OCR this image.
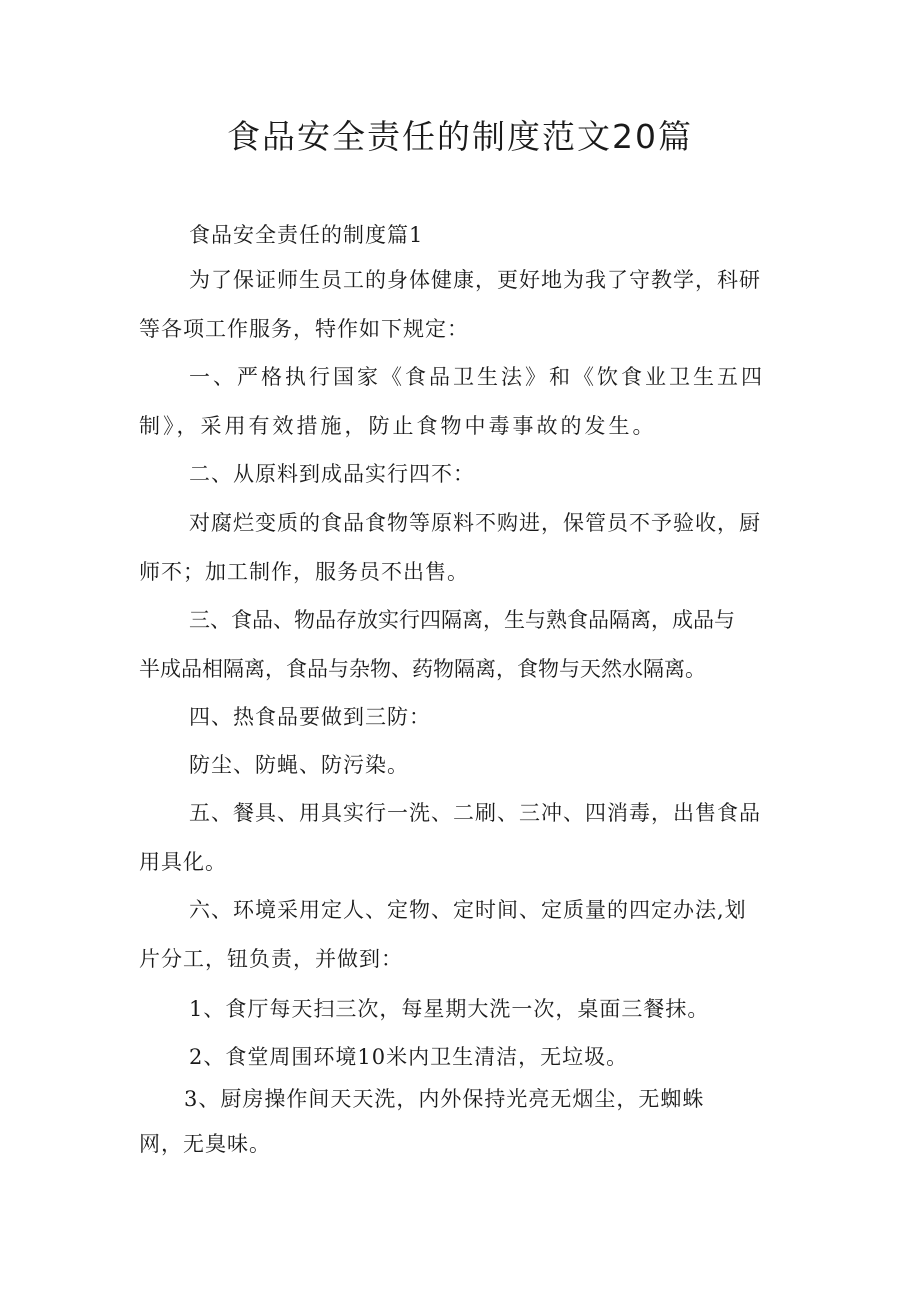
食品安全责任的制度范文20篇

食品安全责任的制度篇1

为了保证师生员工的身体健康，更好地为我了守教学，科研
等各项工作服务，特作如下规定：

一、严格执行国家《食品卫生法》和《饮食业卫生五四
制》，采用有效措施，防止食物中毒事故的发生。

二、从原料到成品实行四不：

对腐烂变质的食品食物等原料不购进，保管员不予验收，厨
师不；加工制作，服务员不出售。

三、食品、物品存放实行四隔离，生与熟食品隔离，成品与
半成品相隔离，食品与杂物、药物隔离，食物与天然水隔离。

四、热食品要做到三防：

防尘、防蝇、防污染。

五、餐具、用具实行一洗、二刷、三冲、四消毒，出售食品
用具化。

六、环境采用定人、定物、定时间、定质量的四定办法,划
片分工，钮负责，并做到：

1、食厅每天扫三次，每星期大洗一次，桌面三餐抹。

2、食堂周围环境10米内卫生清洁，无垃圾。

3、厨房操作间天天洗，内外保持光亮无烟尘，无蜘蛛
网，无臭味。
